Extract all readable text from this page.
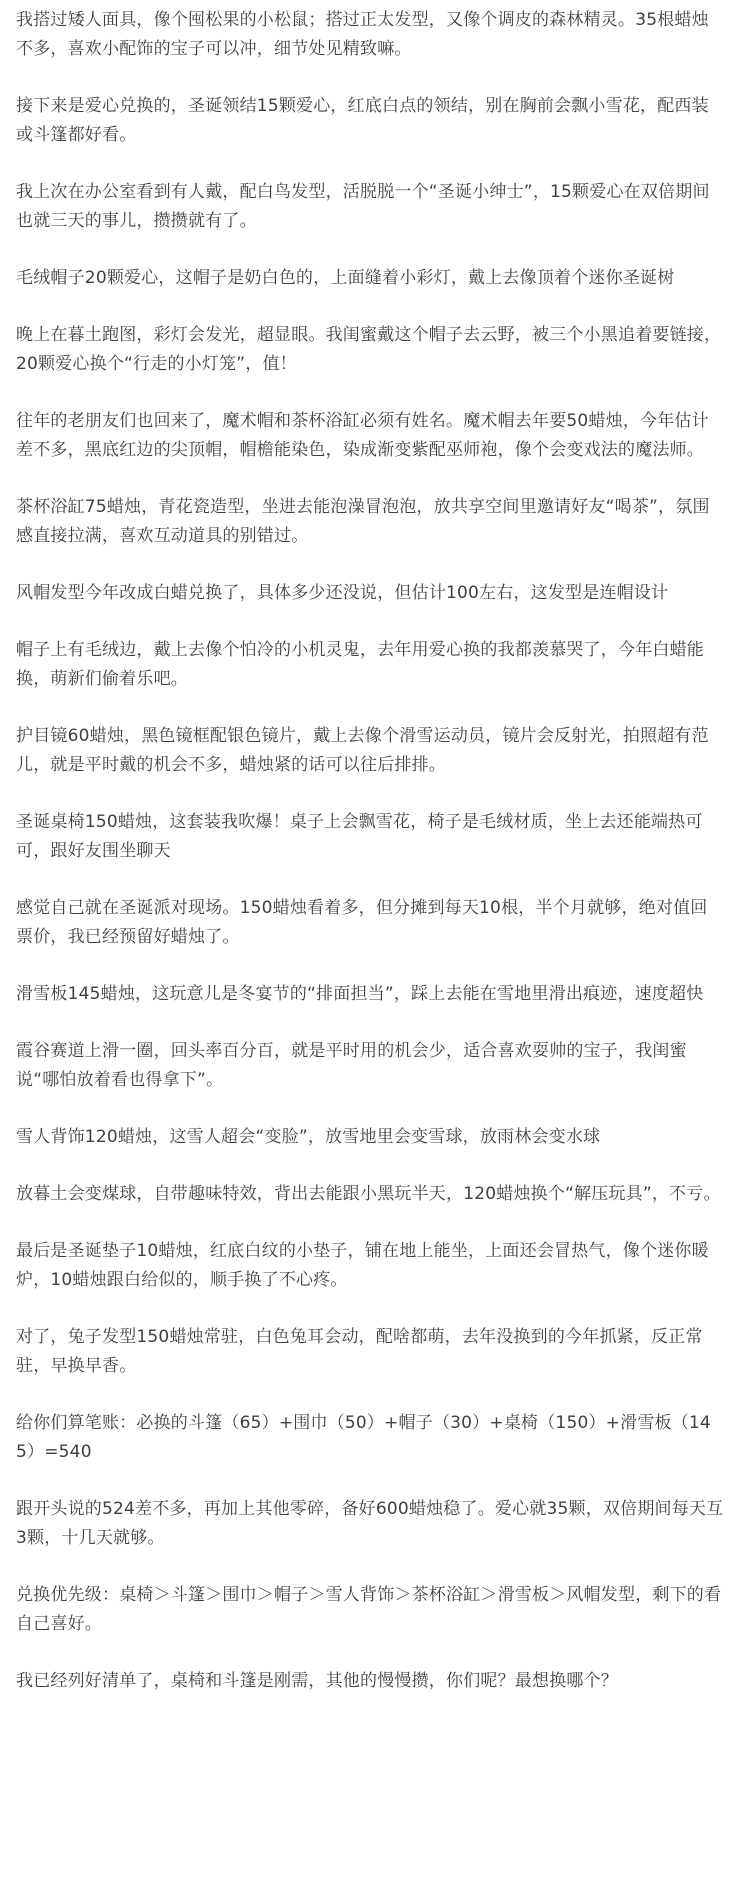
我搭过矮人面具，像个囤松果的小松鼠；搭过正太发型，又像个调皮的森林精灵。35根蜡烛不多，喜欢小配饰的宝子可以冲，细节处见精致嘛。

接下来是爱心兑换的，圣诞领结15颗爱心，红底白点的领结，别在胸前会飘小雪花，配西装或斗篷都好看。

我上次在办公室看到有人戴，配白鸟发型，活脱脱一个“圣诞小绅士”，15颗爱心在双倍期间也就三天的事儿，攒攒就有了。

毛绒帽子20颗爱心，这帽子是奶白色的，上面缝着小彩灯，戴上去像顶着个迷你圣诞树

晚上在暮土跑图，彩灯会发光，超显眼。我闺蜜戴这个帽子去云野，被三个小黑追着要链接，20颗爱心换个“行走的小灯笼”，值！

往年的老朋友们也回来了，魔术帽和茶杯浴缸必须有姓名。魔术帽去年要50蜡烛，今年估计差不多，黑底红边的尖顶帽，帽檐能染色，染成渐变紫配巫师袍，像个会变戏法的魔法师。

茶杯浴缸75蜡烛，青花瓷造型，坐进去能泡澡冒泡泡，放共享空间里邀请好友“喝茶”，氛围感直接拉满，喜欢互动道具的别错过。

风帽发型今年改成白蜡兑换了，具体多少还没说，但估计100左右，这发型是连帽设计

帽子上有毛绒边，戴上去像个怕冷的小机灵鬼，去年用爱心换的我都羡慕哭了，今年白蜡能换，萌新们偷着乐吧。

护目镜60蜡烛，黑色镜框配银色镜片，戴上去像个滑雪运动员，镜片会反射光，拍照超有范儿，就是平时戴的机会不多，蜡烛紧的话可以往后排排。

圣诞桌椅150蜡烛，这套装我吹爆！桌子上会飘雪花，椅子是毛绒材质，坐上去还能端热可可，跟好友围坐聊天

感觉自己就在圣诞派对现场。150蜡烛看着多，但分摊到每天10根，半个月就够，绝对值回票价，我已经预留好蜡烛了。

滑雪板145蜡烛，这玩意儿是冬宴节的“排面担当”，踩上去能在雪地里滑出痕迹，速度超快

霞谷赛道上滑一圈，回头率百分百，就是平时用的机会少，适合喜欢耍帅的宝子，我闺蜜说“哪怕放着看也得拿下”。

雪人背饰120蜡烛，这雪人超会“变脸”，放雪地里会变雪球，放雨林会变水球

放暮土会变煤球，自带趣味特效，背出去能跟小黑玩半天，120蜡烛换个“解压玩具”，不亏。

最后是圣诞垫子10蜡烛，红底白纹的小垫子，铺在地上能坐，上面还会冒热气，像个迷你暖炉，10蜡烛跟白给似的，顺手换了不心疼。

对了，兔子发型150蜡烛常驻，白色兔耳会动，配啥都萌，去年没换到的今年抓紧，反正常驻，早换早香。

给你们算笔账：必换的斗篷（65）+围巾（50）+帽子（30）+桌椅（150）+滑雪板（145）=540

跟开头说的524差不多，再加上其他零碎，备好600蜡烛稳了。爱心就35颗，双倍期间每天互3颗，十几天就够。

兑换优先级：桌椅＞斗篷＞围巾＞帽子＞雪人背饰＞茶杯浴缸＞滑雪板＞风帽发型，剩下的看自己喜好。

我已经列好清单了，桌椅和斗篷是刚需，其他的慢慢攒，你们呢？最想换哪个？
